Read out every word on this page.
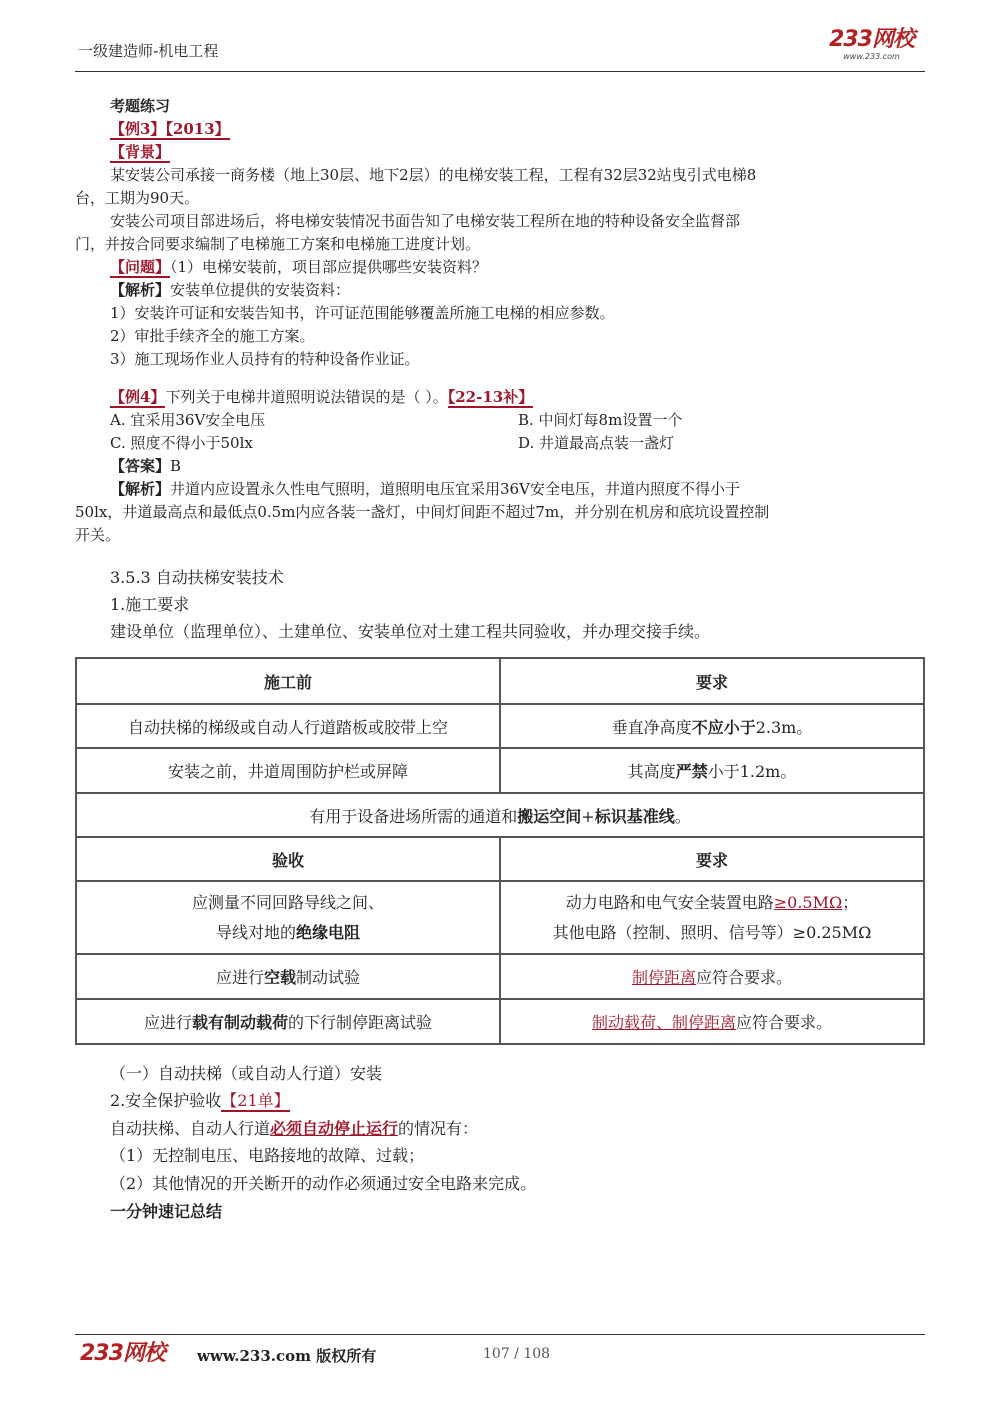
一级建造师-机电工程	233网校
www.233.com
考题练习
【例3】【2013】
【背景】
某安装公司承接一商务楼（地上30层、地下2层）的电梯安装工程，工程有32层32站曳引式电梯8
台，工期为90天。
安装公司项目部进场后，将电梯安装情况书面告知了电梯安装工程所在地的特种设备安全监督部
门，并按合同要求编制了电梯施工方案和电梯施工进度计划。
【问题】（1）电梯安装前，项目部应提供哪些安装资料？
【解析】安装单位提供的安装资料：
1）安装许可证和安装告知书，许可证范围能够覆盖所施工电梯的相应参数。
2）审批手续齐全的施工方案。
3）施工现场作业人员持有的特种设备作业证。
【例4】下列关于电梯井道照明说法错误的是（ ）。【22-13补】
A. 宜采用36V安全电压	B. 中间灯每8m设置一个
C. 照度不得小于50lx	D. 井道最高点装一盏灯
【答案】B
【解析】井道内应设置永久性电气照明，道照明电压宜采用36V安全电压，井道内照度不得小于
50lx，井道最高点和最低点0.5m内应各装一盏灯，中间灯间距不超过7m，并分别在机房和底坑设置控制
开关。
3.5.3 自动扶梯安装技术
1.施工要求
建设单位（监理单位）、土建单位、安装单位对土建工程共同验收，并办理交接手续。
施工前	要求
自动扶梯的梯级或自动人行道踏板或胶带上空	垂直净高度不应小于2.3m。
安装之前，井道周围防护栏或屏障	其高度严禁小于1.2m。
有用于设备进场所需的通道和搬运空间+标识基准线。	
验收	要求
应测量不同回路导线之间、
导线对地的绝缘电阻	动力电路和电气安全装置电路≥0.5MΩ；
其他电路（控制、照明、信号等）≥0.25MΩ
应进行空载制动试验	制停距离应符合要求。
应进行载有制动载荷的下行制停距离试验	制动载荷、制停距离应符合要求。
（一）自动扶梯（或自动人行道）安装
2.安全保护验收【21单】
自动扶梯、自动人行道必须自动停止运行的情况有：
（1）无控制电压、电路接地的故障、过载；
（2）其他情况的开关断开的动作必须通过安全电路来完成。
一分钟速记总结
233网校 www.233.com 版权所有	107 / 108
